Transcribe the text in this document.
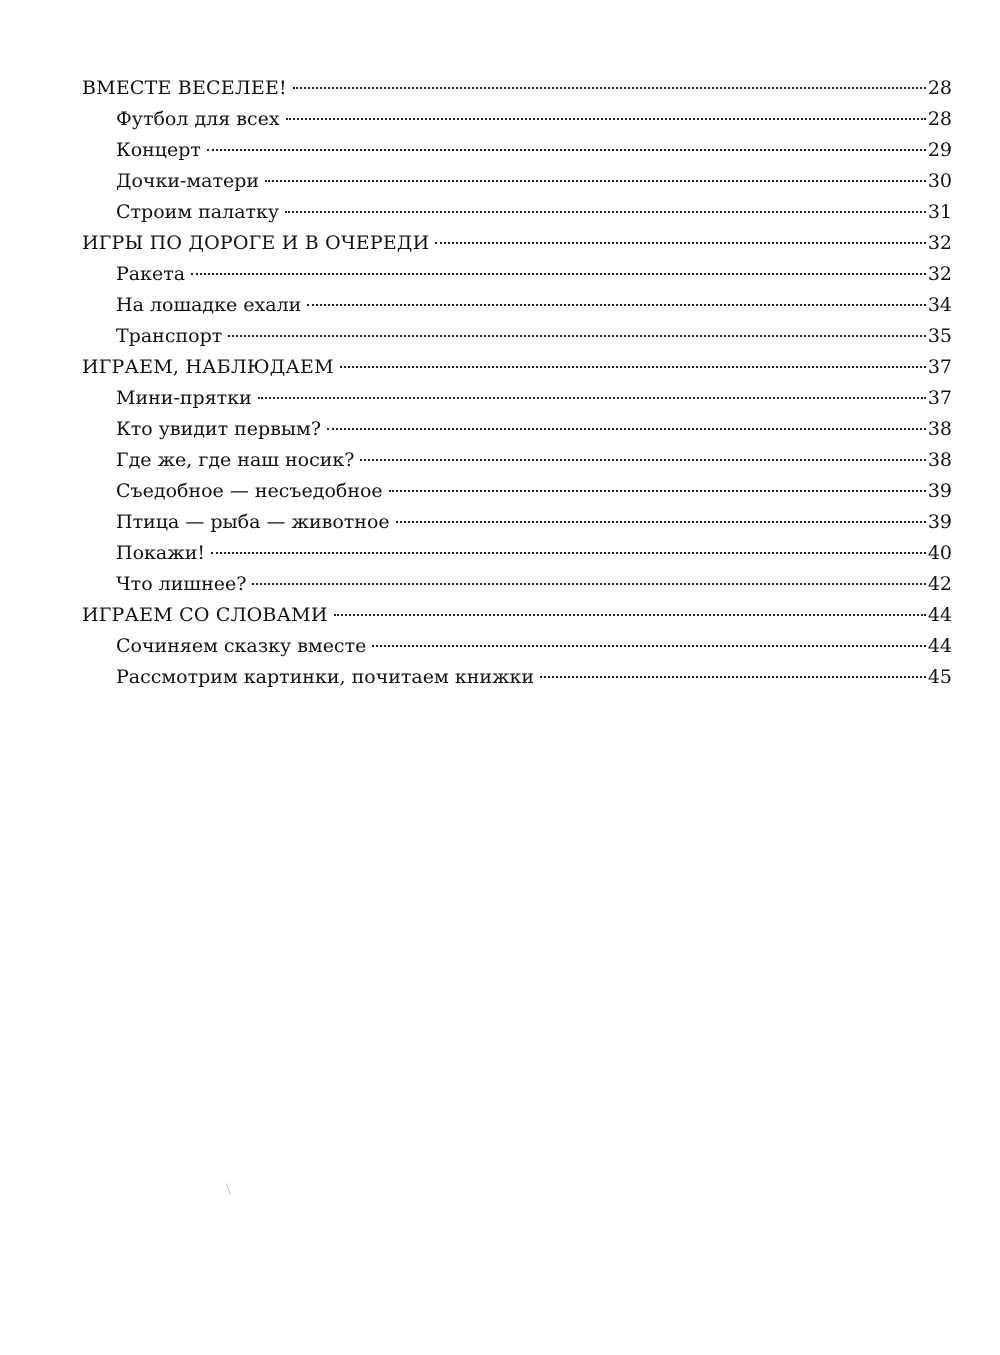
ВМЕСТЕ ВЕСЕЛЕЕ!	28
Футбол для всех	28
Концерт	29
Дочки-матери	30
Строим палатку	31
ИГРЫ ПО ДОРОГЕ И В ОЧЕРЕДИ	32
Ракета	32
На лошадке ехали	34
Транспорт	35
ИГРАЕМ, НАБЛЮДАЕМ	37
Мини-прятки	37
Кто увидит первым?	38
Где же, где наш носик?	38
Съедобное — несъедобное	39
Птица — рыба — животное	39
Покажи!	40
Что лишнее?	42
ИГРАЕМ СО СЛОВАМИ	44
Сочиняем сказку вместе	44
Рассмотрим картинки, почитаем книжки	45
